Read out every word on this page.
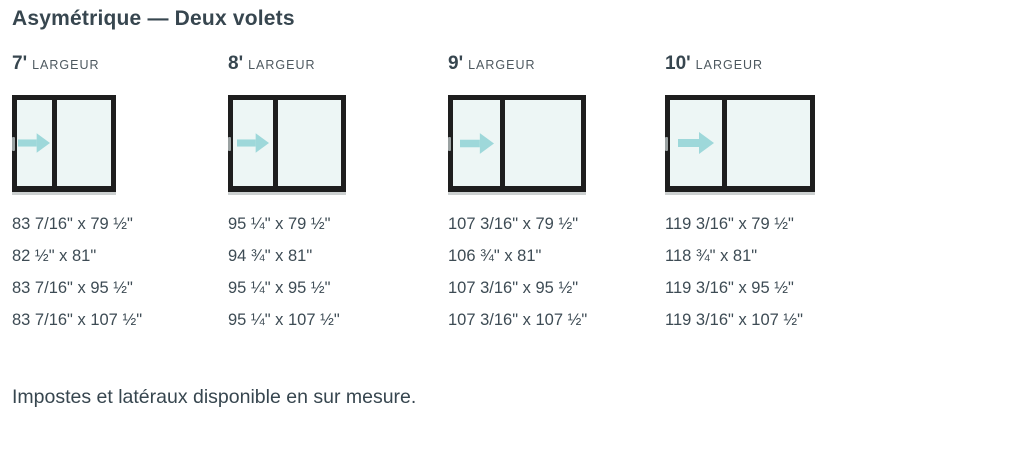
Asymétrique — Deux volets
7' LARGEUR
83 7/16" x 79 ½"
82 ½" x 81"
83 7/16" x 95 ½"
83 7/16" x 107 ½"
8' LARGEUR
95 ¼" x 79 ½"
94 ¾" x 81"
95 ¼" x 95 ½"
95 ¼" x 107 ½"
9' LARGEUR
107 3/16" x 79 ½"
106 ¾" x 81"
107 3/16" x 95 ½"
107 3/16" x 107 ½"
10' LARGEUR
119 3/16" x 79 ½"
118 ¾" x 81"
119 3/16" x 95 ½"
119 3/16" x 107 ½"

Impostes et latéraux disponible en sur mesure.
